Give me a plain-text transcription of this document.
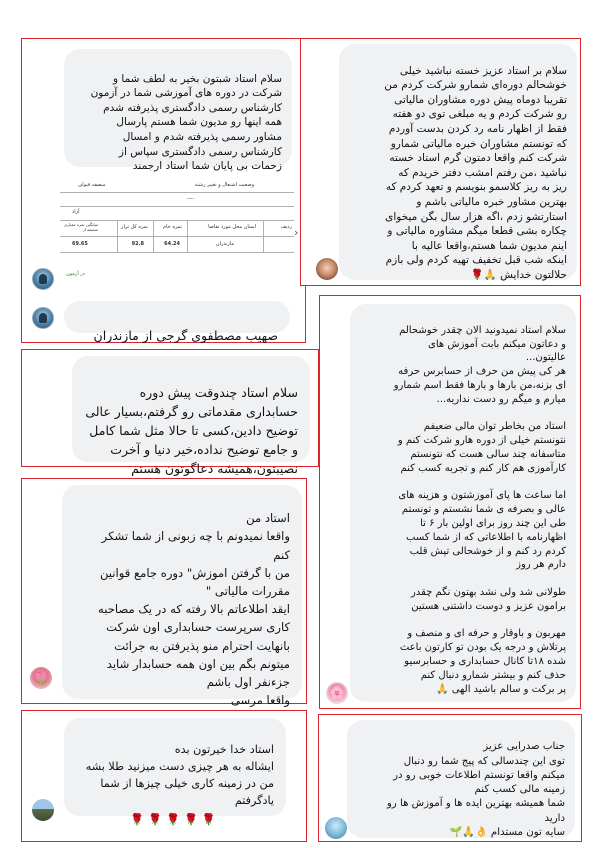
سلام استاد شبتون بخیر به لطف شما و
شرکت در دوره های آموزشی شما در آزمون
کارشناس رسمی دادگستری پذیرفته شدم
همه اینها رو مدیون شما هستم پارسال
مشاور رسمی پذیرفته شدم و امسال
کارشناس رسمی دادگستری سپاس از
زحمات بی پایان شما استاد ارجمند

وضعیت اشتغال و تغییر رشته
منصفه قبولی
----
آزاد
ردیف
استان محل مورد تقاضا
نمره خام
نمره کل تراز
میانگین نمره معیاری منصفه از
مازندران
64.24
92.8
69.65
در آزمون

صهیب مصطفوی گرجی از مازندران

›

سلام بر استاد عزیز خسته نباشید خیلی
خوشحالم دوره‌ای شمارو شرکت کردم من
تقریبا دوماه پیش دوره مشاوران مالیاتی
رو شرکت کردم و یه مبلغی توی دو هفته
فقط از اظهار نامه رد کردن بدست آوردم
که تونستم مشاوران خبره مالیاتی شمارو
شرکت کنم واقعا دمتون گرم استاد خسته
نباشید ،من رفتم امشب دفتر خریدم که
ریز به ریز کلاسمو بنویسم و تعهد کردم که
بهترین مشاور خبره مالیاتی باشم و
استارتشو زدم ،اگه هزار سال بگن میخوای
چکاره بشی قطعا میگم مشاوره مالیاتی و
اینم مدیون شما هستم،واقعا عالیه با
اینکه شب قبل تخفیف تهیه کردم ولی بازم
حلالتون خدایش 🙏🌹

سلام استاد چندوقت پیش دوره
حسابداری مقدماتی رو گرفتم،بسیار عالی
توضیح دادین،کسی تا حالا مثل شما کامل
و جامع توضیح نداده،خیر دنیا و آخرت
نصیبتون،همیشه دعاگوتون هستم

سلام استاد نمیدونید الان چقدر خوشحالم
و دعاتون میکنم بابت آموزش های
عالیتون...
هر کی پیش من حرف از حسابرس حرفه
ای بزنه،من بارها و بارها فقط اسم شمارو
میارم و میگم رو دست نداریه...

استاد من بخاطر توان مالی ضعیفم
نتونستم خیلی از دوره هارو شرکت کنم و
متاسفانه چند سالی هست که نتونستم
کارآموزی هم کار کنم و تجربه کسب کنم

اما ساعت ها پای آموزشتون و هزینه های
عالی و بصرفه ی شما نشستم و تونستم
طی این چند روز برای اولین بار ۶ تا
اظهارنامه با اطلاعاتی که از شما کسب
کردم رد کنم و از خوشحالی تپش قلب
دارم هر روز

طولانی شد ولی نشد بهتون نگم چقدر
برامون عزیز و دوست داشتنی هستین

مهربون و باوقار و حرفه ای و منصف و
پرتلاش و درجه یک بودن تو کارتون باعث
شده ۱۸تا کانال حسابداری و حسابرسیو
حذف کنم و بیشتر شمارو دنبال کنم
پر برکت و سالم باشید الهی 🙏

🌸

استاد من
واقعا نمیدونم با چه زبونی از شما تشکر
کنم
من با گرفتن اموزش" دوره جامع قوانین
مقررات مالیاتی "
ایقد اطلاعاتم بالا رفته که در یک مصاحبه
کاری سرپرست حسابداری اون شرکت
بانهایت احترام منو پذیرفتن به جرائت
میتونم بگم بین اون همه حسابدار شاید
جزءنفر اول باشم
واقعا مرسی

🌷

استاد خدا خیرتون بده
ایشاله به هر چیزی دست میزنید طلا بشه
من در زمینه کاری خیلی چیزها از شما
یادگرفتم

🌹🌹🌹🌹🌹

جناب صدرایی عزیز
توی این چندسالی که پیج شما رو دنبال
میکنم واقعا تونستم اطلاعات خوبی رو در
زمینه مالی کسب کنم
شما همیشه بهترین ایده ها و آموزش ها رو
دارید
سایه تون مستدام 👌🙏🌱
